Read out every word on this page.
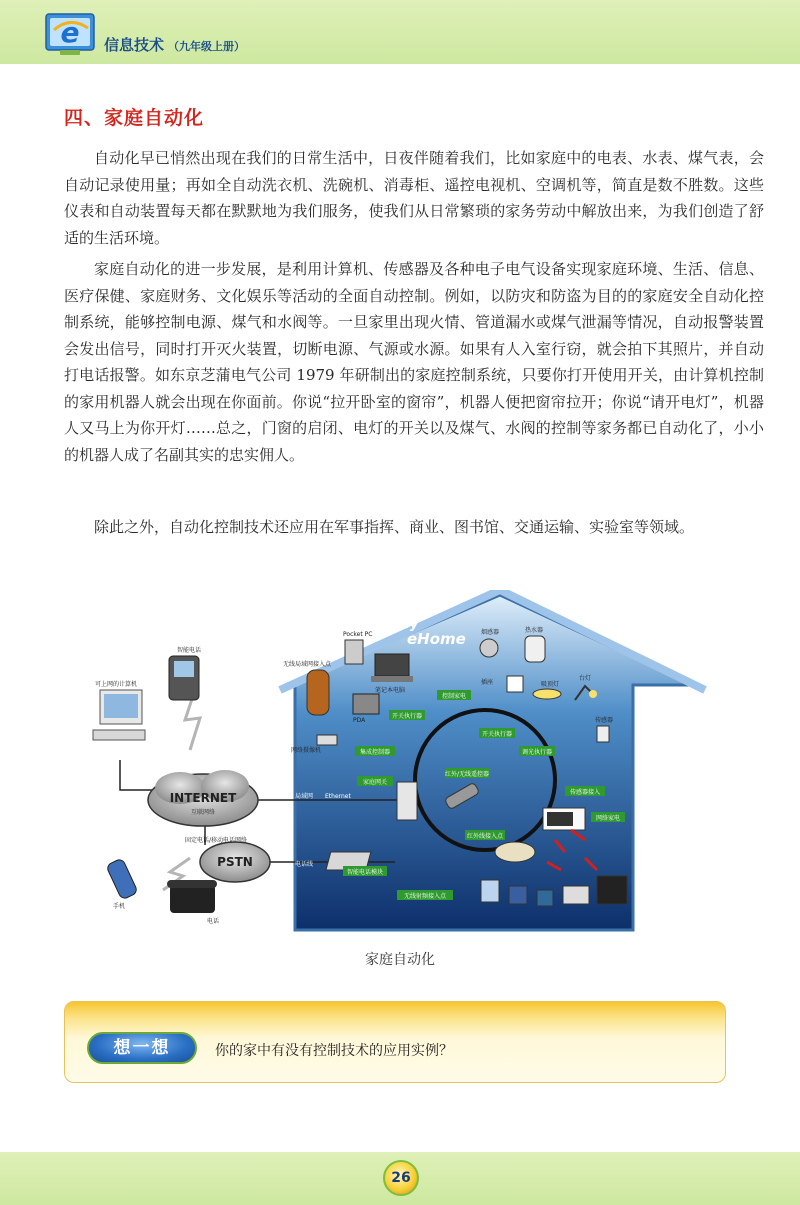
e 信息技术 （九年级上册）
四、家庭自动化

自动化早已悄然出现在我们的日常生活中，日夜伴随着我们，比如家庭中的电表、水表、煤气表，会自动记录使用量；再如全自动洗衣机、洗碗机、消毒柜、遥控电视机、空调机等，简直是数不胜数。这些仪表和自动装置每天都在默默地为我们服务，使我们从日常繁琐的家务劳动中解放出来，为我们创造了舒适的生活环境。

家庭自动化的进一步发展，是利用计算机、传感器及各种电子电气设备实现家庭环境、生活、信息、医疗保健、家庭财务、文化娱乐等活动的全面自动控制。例如，以防灾和防盗为目的的家庭安全自动化控制系统，能够控制电源、煤气和水阀等。一旦家里出现火情、管道漏水或煤气泄漏等情况，自动报警装置会发出信号，同时打开灭火装置，切断电源、气源或水源。如果有人入室行窃，就会拍下其照片，并自动打电话报警。如东京芝蒲电气公司 1979 年研制出的家庭控制系统，只要你打开使用开关，由计算机控制的家用机器人就会出现在你面前。你说“拉开卧室的窗帘”，机器人便把窗帘拉开；你说“请开电灯”，机器人又马上为你开灯……总之，门窗的启闭、电灯的开关以及煤气、水阀的控制等家务都已自动化了，小小的机器人成了名副其实的忠实佣人。

除此之外，自动化控制技术还应用在军事指挥、商业、图书馆、交通运输、实验室等领域。

My
eHome
INTERNET
互联网络
PSTN
固定电话/移动电话网络
可上网的计算机
智能电话
手机
电话
无线局域网接入点
Pocket PC
笔记本电脑
PDA
网络摄像机
局域网 Ethernet
电话线
热水器
烟感器
插座	吸顶灯
台灯
传感器
控制家电
开关执行器
集成控制器
家庭网关
红外/无线遥控器
智能电话模块
无线射频接入点
红外线接入点
开关执行器
调光执行器
传感器接入
网络家电
家庭自动化
想一想	你的家中有没有控制技术的应用实例？
26
